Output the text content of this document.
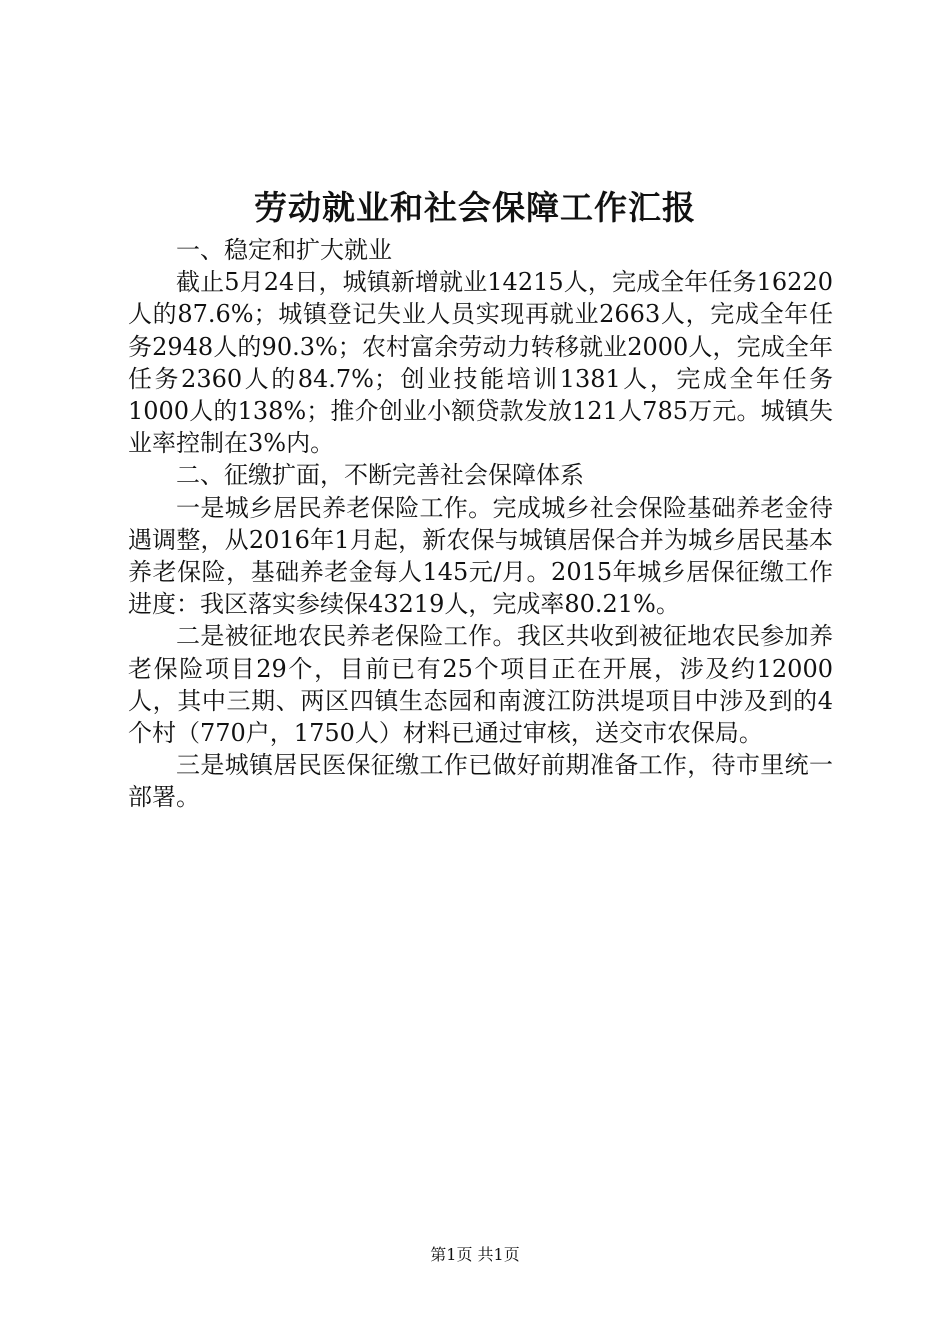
劳动就业和社会保障工作汇报

一、稳定和扩大就业

截止5月24日，城镇新增就业14215人，完成全年任务16220人的87.6%；城镇登记失业人员实现再就业2663人，完成全年任务2948人的90.3%；农村富余劳动力转移就业2000人，完成全年任务2360人的84.7%；创业技能培训1381人，完成全年任务1000人的138%；推介创业小额贷款发放121人785万元。城镇失业率控制在3%内。

二、征缴扩面，不断完善社会保障体系

一是城乡居民养老保险工作。完成城乡社会保险基础养老金待遇调整，从2016年1月起，新农保与城镇居保合并为城乡居民基本养老保险，基础养老金每人145元/月。2015年城乡居保征缴工作进度：我区落实参续保43219人，完成率80.21%。

二是被征地农民养老保险工作。我区共收到被征地农民参加养老保险项目29个，目前已有25个项目正在开展，涉及约12000人，其中三期、两区四镇生态园和南渡江防洪堤项目中涉及到的4个村（770户，1750人）材料已通过审核，送交市农保局。

三是城镇居民医保征缴工作已做好前期准备工作，待市里统一部署。

第1页 共1页
